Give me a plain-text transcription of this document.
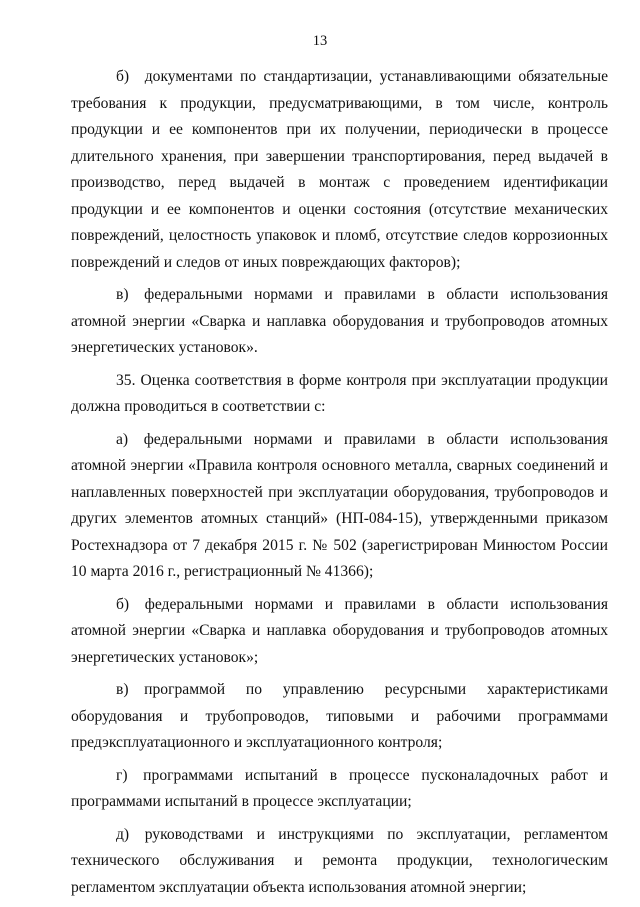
13

б) документами по стандартизации, устанавливающими обязательные требования к продукции, предусматривающими, в том числе, контроль продукции и ее компонентов при их получении, периодически в процессе длительного хранения, при завершении транспортирования, перед выдачей в производство, перед выдачей в монтаж с проведением идентификации продукции и ее компонентов и оценки состояния (отсутствие механических повреждений, целостность упаковок и пломб, отсутствие следов коррозионных повреждений и следов от иных повреждающих факторов);

в) федеральными нормами и правилами в области использования атомной энергии «Сварка и наплавка оборудования и трубопроводов атомных энергетических установок».

35. Оценка соответствия в форме контроля при эксплуатации продукции должна проводиться в соответствии с:

а) федеральными нормами и правилами в области использования атомной энергии «Правила контроля основного металла, сварных соединений и наплавленных поверхностей при эксплуатации оборудования, трубопроводов и других элементов атомных станций» (НП-084-15), утвержденными приказом Ростехнадзора от 7 декабря 2015 г. № 502 (зарегистрирован Минюстом России 10 марта 2016 г., регистрационный № 41366);

б) федеральными нормами и правилами в области использования атомной энергии «Сварка и наплавка оборудования и трубопроводов атомных энергетических установок»;

в) программой по управлению ресурсными характеристиками оборудования и трубопроводов, типовыми и рабочими программами предэксплуатационного и эксплуатационного контроля;

г) программами испытаний в процессе пусконаладочных работ и программами испытаний в процессе эксплуатации;

д) руководствами и инструкциями по эксплуатации, регламентом технического обслуживания и ремонта продукции, технологическим регламентом эксплуатации объекта использования атомной энергии;
